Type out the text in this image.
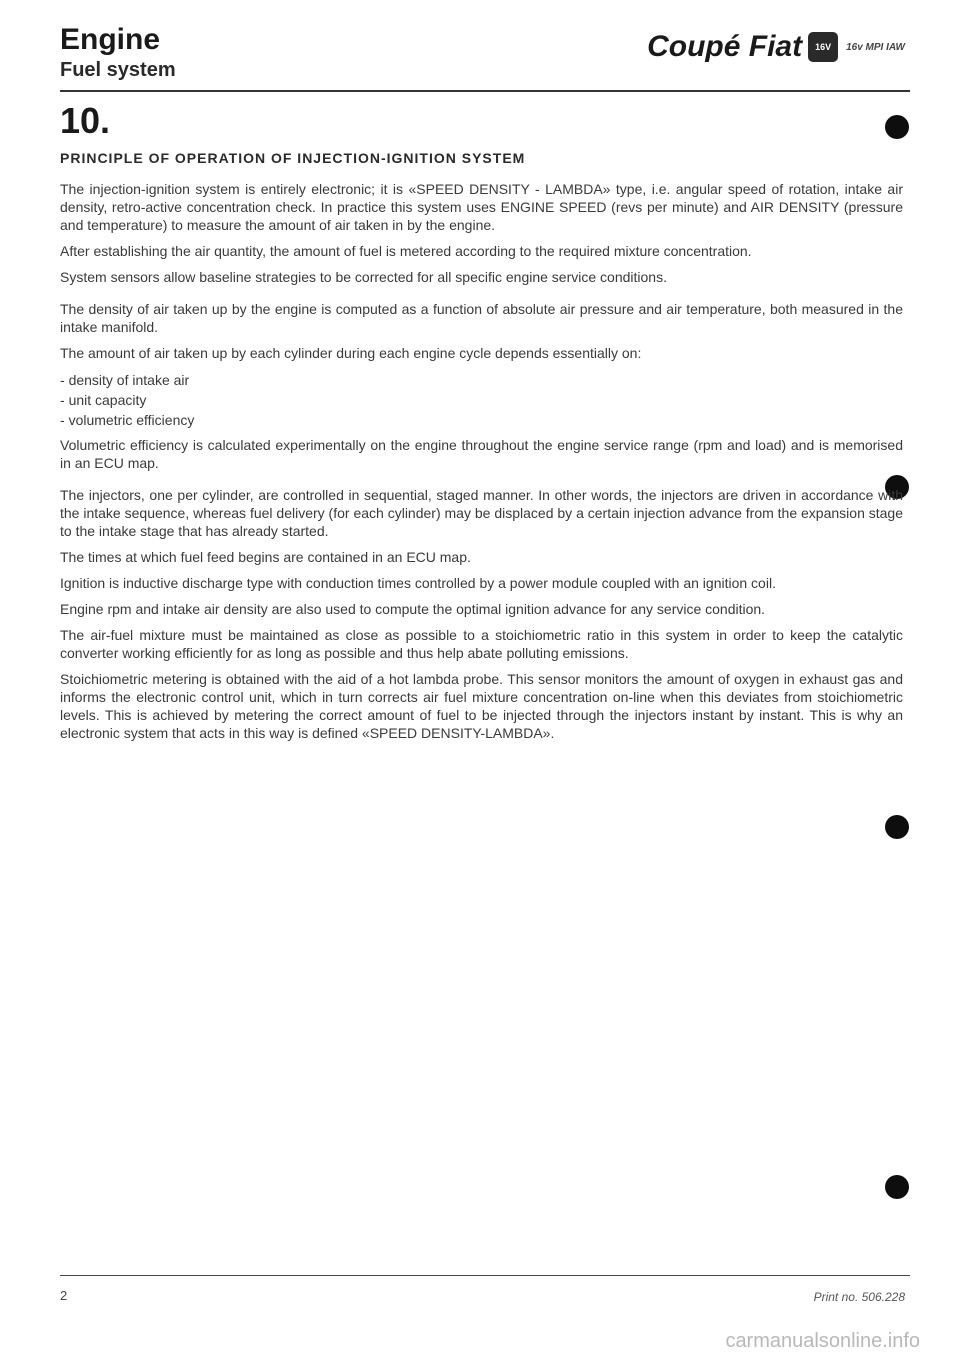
Engine
Fuel system
Coupé Fiat	16V	16v MPI IAW
10.
PRINCIPLE OF OPERATION OF INJECTION-IGNITION SYSTEM

The injection-ignition system is entirely electronic; it is «SPEED DENSITY - LAMBDA» type, i.e. angular speed of rotation, intake air density, retro-active concentration check. In practice this system uses ENGINE SPEED (revs per minute) and AIR DENSITY (pressure and temperature) to measure the amount of air taken in by the engine.

After establishing the air quantity, the amount of fuel is metered according to the required mixture concentration.

System sensors allow baseline strategies to be corrected for all specific engine service conditions.

The density of air taken up by the engine is computed as a function of absolute air pressure and air temperature, both measured in the intake manifold.

The amount of air taken up by each cylinder during each engine cycle depends essentially on:

- density of intake air
- unit capacity
- volumetric efficiency

Volumetric efficiency is calculated experimentally on the engine throughout the engine service range (rpm and load) and is memorised in an ECU map.

The injectors, one per cylinder, are controlled in sequential, staged manner. In other words, the injectors are driven in accordance with the intake sequence, whereas fuel delivery (for each cylinder) may be displaced by a certain injection advance from the expansion stage to the intake stage that has already started.

The times at which fuel feed begins are contained in an ECU map.

Ignition is inductive discharge type with conduction times controlled by a power module coupled with an ignition coil.

Engine rpm and intake air density are also used to compute the optimal ignition advance for any service condition.

The air-fuel mixture must be maintained as close as possible to a stoichiometric ratio in this system in order to keep the catalytic converter working efficiently for as long as possible and thus help abate polluting emissions.

Stoichiometric metering is obtained with the aid of a hot lambda probe. This sensor monitors the amount of oxygen in exhaust gas and informs the electronic control unit, which in turn corrects air fuel mixture concentration on-line when this deviates from stoichiometric levels. This is achieved by metering the correct amount of fuel to be injected through the injectors instant by instant. This is why an electronic system that acts in this way is defined «SPEED DENSITY-LAMBDA».

2	Print no. 506.228
carmanualsonline.info
